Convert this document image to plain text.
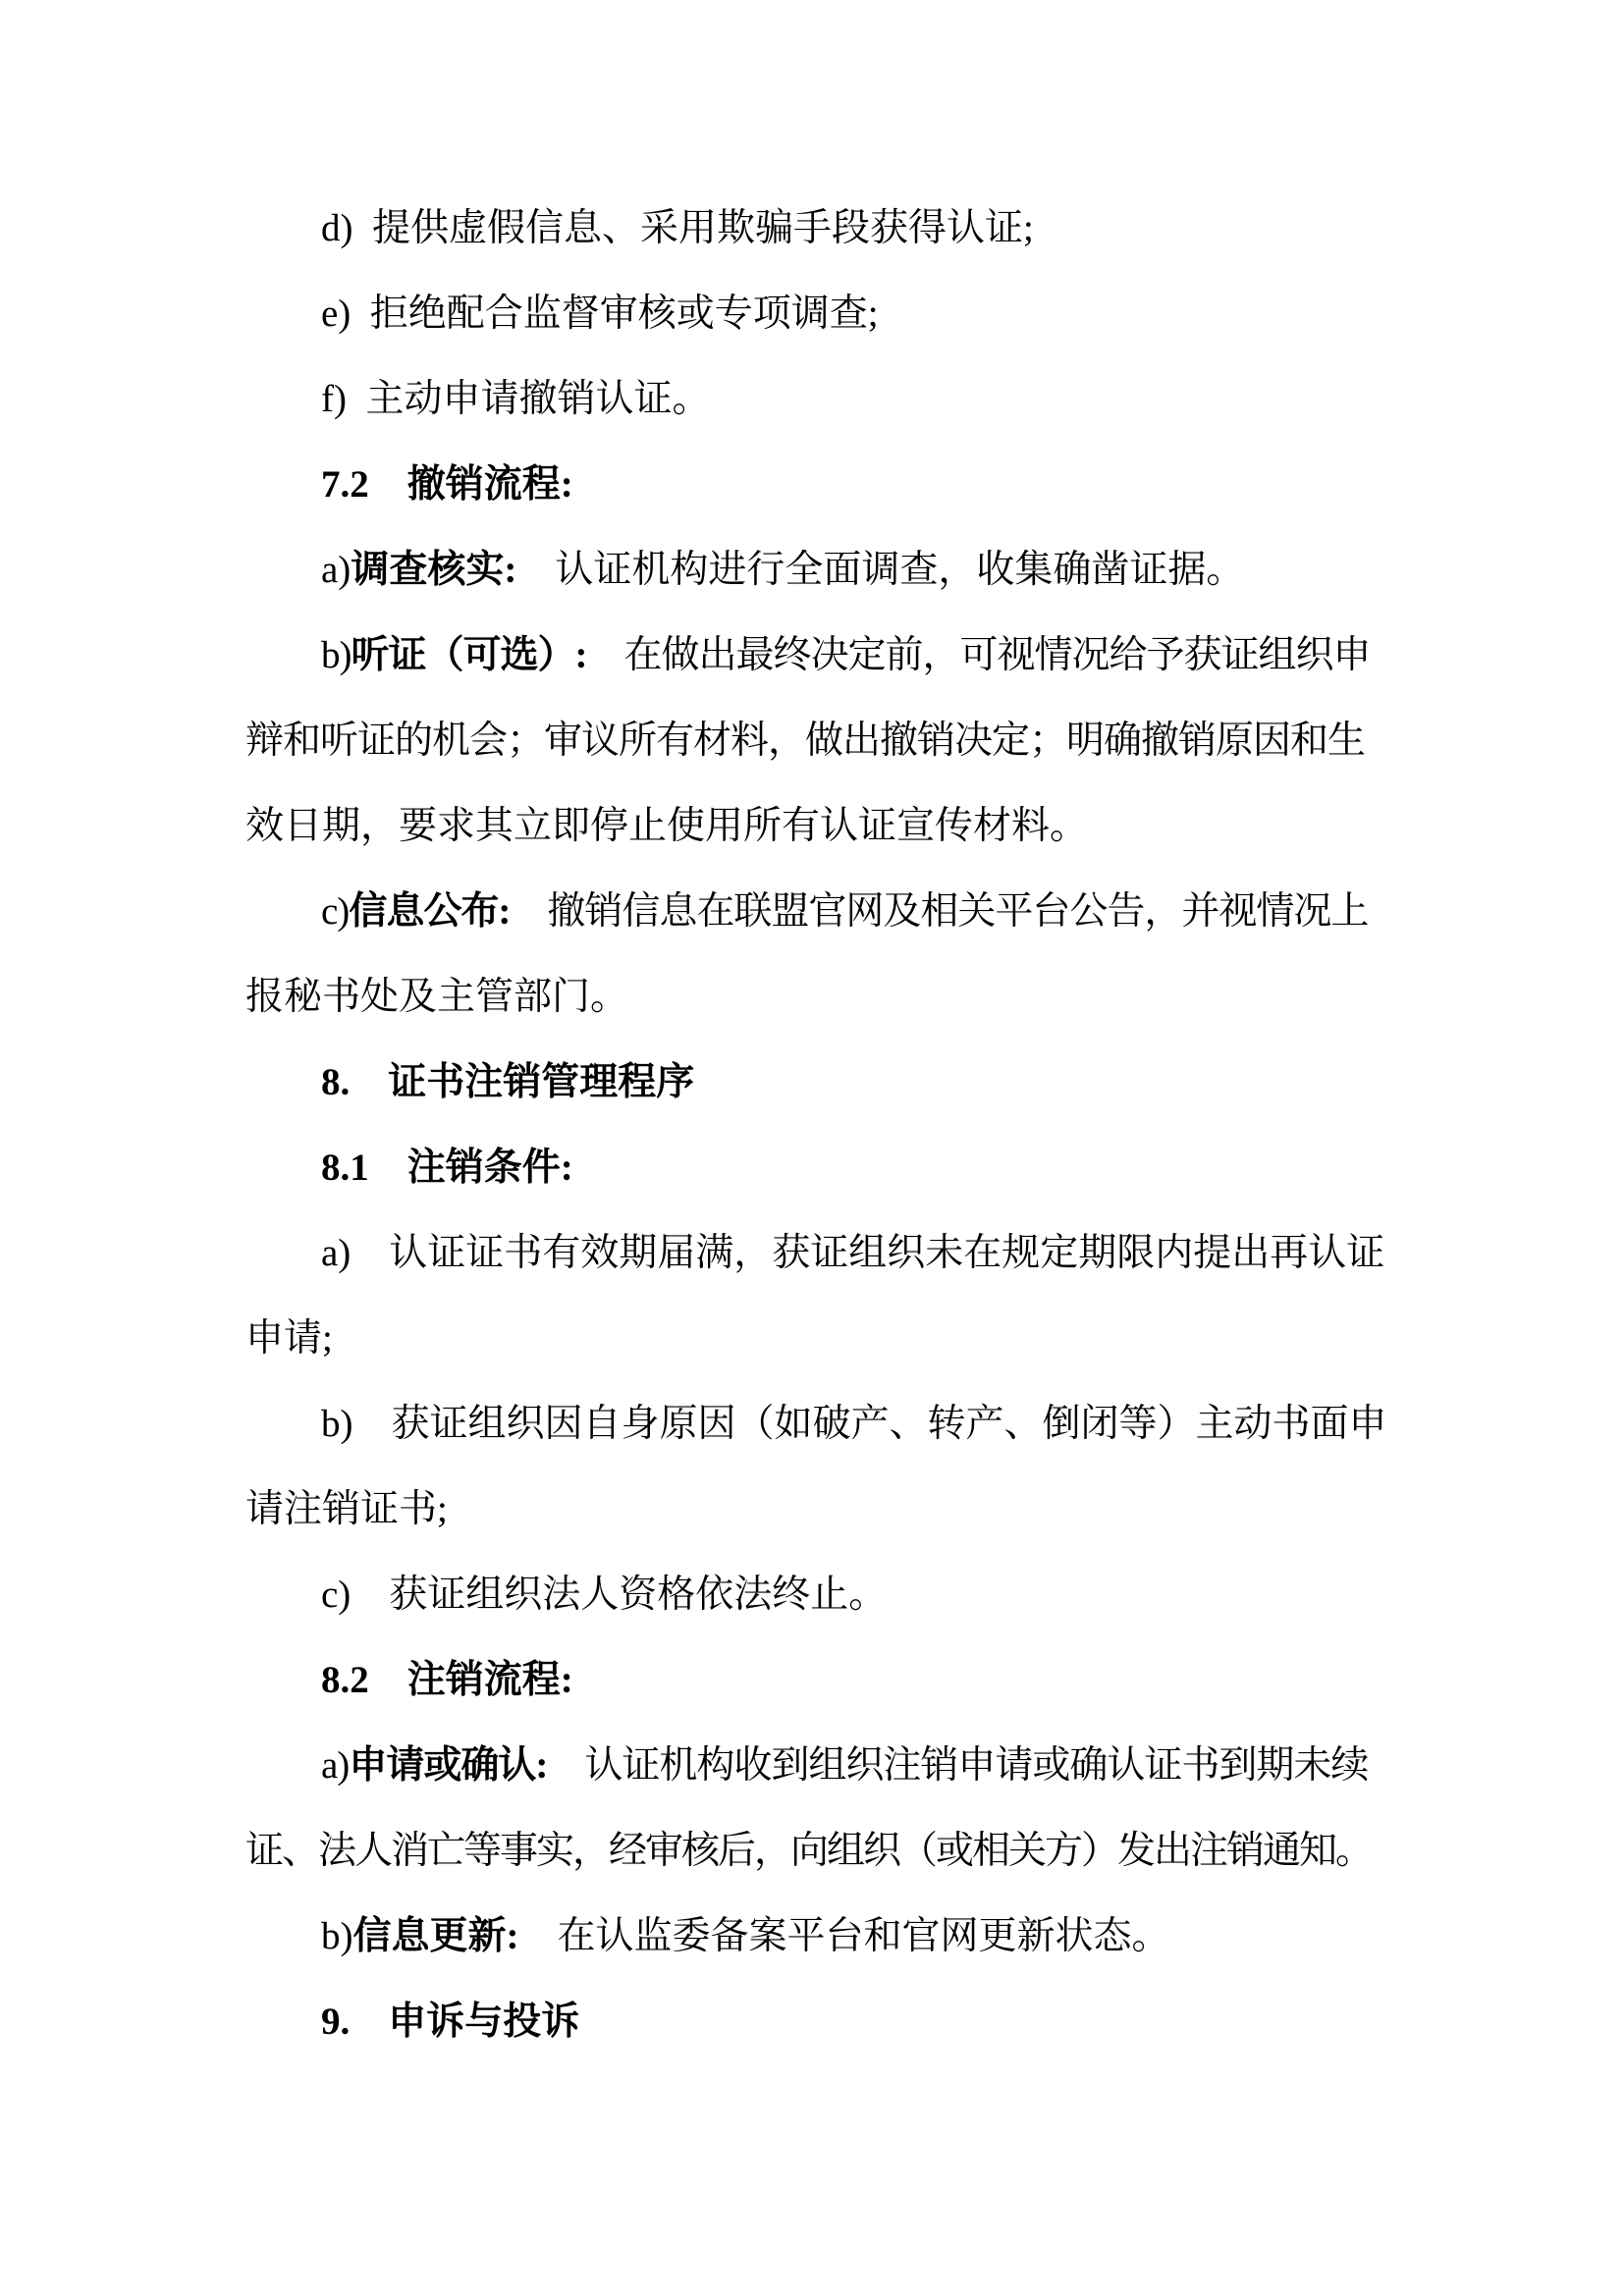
d) 提供虚假信息、采用欺骗手段获得认证;
e) 拒绝配合监督审核或专项调查;
f) 主动申请撤销认证。
7.2　撤销流程:
a)调查核实:　认证机构进行全面调查，收集确凿证据。
b)听证（可选）:　在做出最终决定前，可视情况给予获证组织申
辩和听证的机会；审议所有材料，做出撤销决定；明确撤销原因和生
效日期，要求其立即停止使用所有认证宣传材料。
c)信息公布:　撤销信息在联盟官网及相关平台公告，并视情况上
报秘书处及主管部门。
8.　证书注销管理程序
8.1　注销条件:
a)　认证证书有效期届满，获证组织未在规定期限内提出再认证
申请;
b)　获证组织因自身原因（如破产、转产、倒闭等）主动书面申
请注销证书;
c)　获证组织法人资格依法终止。
8.2　注销流程:
a)申请或确认:　认证机构收到组织注销申请或确认证书到期未续
证、法人消亡等事实，经审核后，向组织（或相关方）发出注销通知。
b)信息更新:　在认监委备案平台和官网更新状态。
9.　申诉与投诉
